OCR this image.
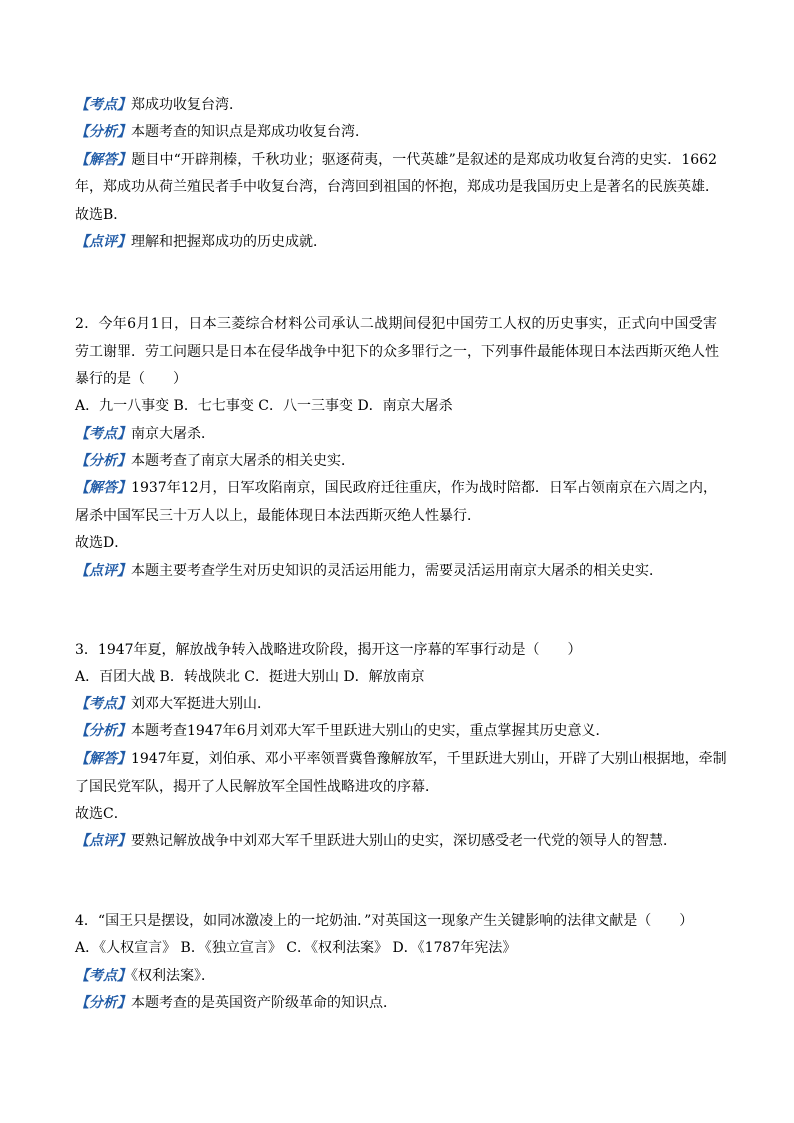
【考点】郑成功收复台湾．
【分析】本题考查的知识点是郑成功收复台湾．
【解答】题目中“开辟荆榛，千秋功业；驱逐荷夷，一代英雄”是叙述的是郑成功收复台湾的史实．1662
年，郑成功从荷兰殖民者手中收复台湾，台湾回到祖国的怀抱，郑成功是我国历史上是著名的民族英雄．
故选B．
【点评】理解和把握郑成功的历史成就．
2．今年6月1日，日本三菱综合材料公司承认二战期间侵犯中国劳工人权的历史事实，正式向中国受害
劳工谢罪．劳工问题只是日本在侵华战争中犯下的众多罪行之一，下列事件最能体现日本法西斯灭绝人性
暴行的是（　　）
A．九一八事变 B．七七事变 C．八一三事变 D．南京大屠杀
【考点】南京大屠杀．
【分析】本题考查了南京大屠杀的相关史实．
【解答】1937年12月，日军攻陷南京，国民政府迁往重庆，作为战时陪都．日军占领南京在六周之内，
屠杀中国军民三十万人以上，最能体现日本法西斯灭绝人性暴行．
故选D．
【点评】本题主要考查学生对历史知识的灵活运用能力，需要灵活运用南京大屠杀的相关史实．
3．1947年夏，解放战争转入战略进攻阶段，揭开这一序幕的军事行动是（　　）
A．百团大战 B．转战陕北 C．挺进大别山 D．解放南京
【考点】刘邓大军挺进大别山．
【分析】本题考查1947年6月刘邓大军千里跃进大别山的史实，重点掌握其历史意义．
【解答】1947年夏，刘伯承、邓小平率领晋冀鲁豫解放军，千里跃进大别山，开辟了大别山根据地，牵制
了国民党军队，揭开了人民解放军全国性战略进攻的序幕．
故选C．
【点评】要熟记解放战争中刘邓大军千里跃进大别山的史实，深切感受老一代党的领导人的智慧．
4．“国王只是摆设，如同冰激凌上的一坨奶油．”对英国这一现象产生关键影响的法律文献是（　　）
A．《人权宣言》 B．《独立宣言》 C．《权利法案》 D．《1787年宪法》
【考点】《权利法案》．
【分析】本题考查的是英国资产阶级革命的知识点．
